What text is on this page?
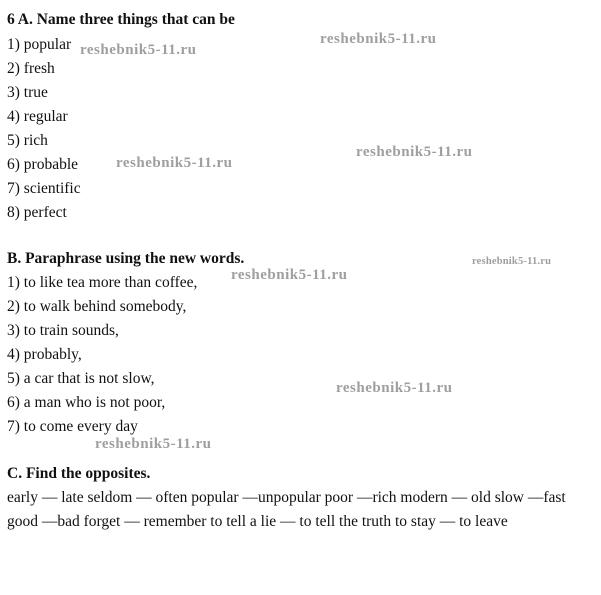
6 A. Name three things that can be
1) popular
2) fresh
3) true
4) regular
5) rich
6) probable
7) scientific
8) perfect
B. Paraphrase using the new words.
1) to like tea more than coffee,
2) to walk behind somebody,
3) to train sounds,
4) probably,
5) a car that is not slow,
6) a man who is not poor,
7) to come every day
C. Find the opposites.
early — late seldom — often popular —unpopular poor —rich modern — old slow —fast good —bad forget — remember to tell a lie — to tell the truth to stay — to leave
reshebnik5-11.ru
reshebnik5-11.ru
reshebnik5-11.ru
reshebnik5-11.ru
reshebnik5-11.ru
reshebnik5-11.ru
reshebnik5-11.ru
reshebnik5-11.ru
